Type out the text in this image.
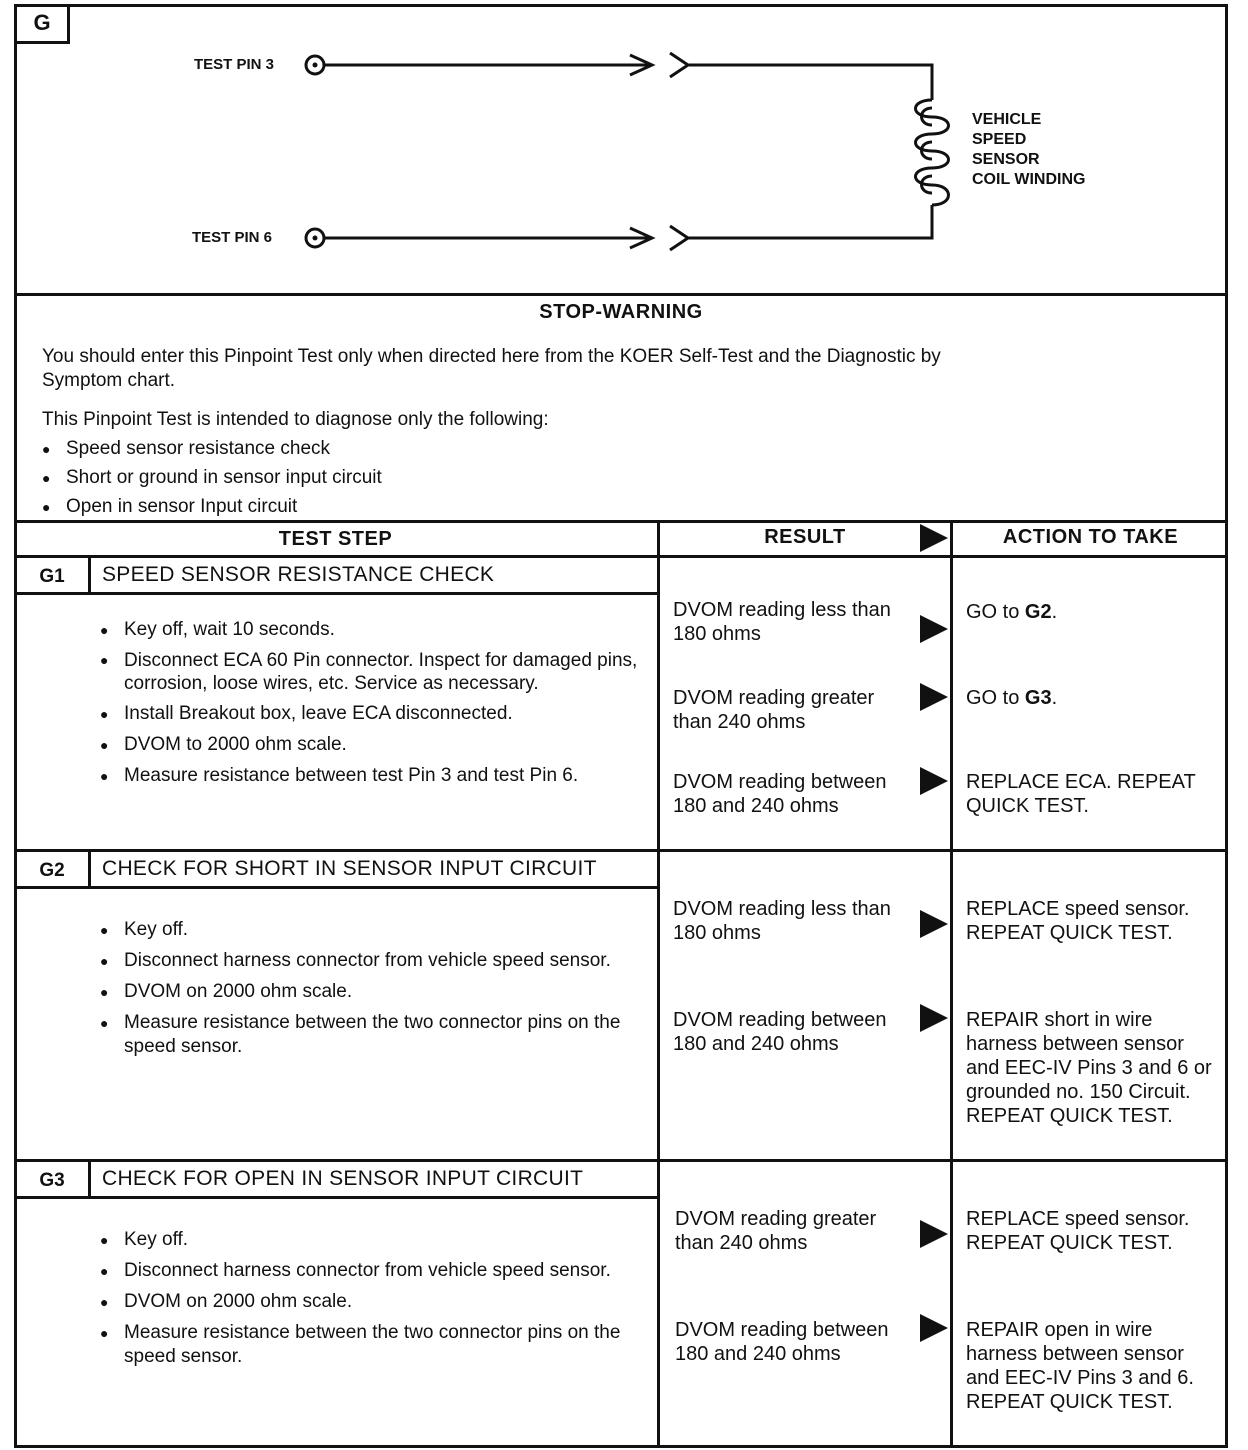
G
TEST PIN 3
TEST PIN 6
VEHICLE
SPEED
SENSOR
COIL WINDING
STOP-WARNING
You should enter this Pinpoint Test only when directed here from the KOER Self-Test and the Diagnostic by
Symptom chart.
This Pinpoint Test is intended to diagnose only the following:
● Speed sensor resistance check
● Short or ground in sensor input circuit
● Open in sensor Input circuit
TEST STEP	RESULT	ACTION TO TAKE
G1	SPEED SENSOR RESISTANCE CHECK
● Key off, wait 10 seconds.
● Disconnect ECA 60 Pin connector. Inspect for damaged pins, corrosion, loose wires, etc. Service as necessary.
● Install Breakout box, leave ECA disconnected.
● DVOM to 2000 ohm scale.
● Measure resistance between test Pin 3 and test Pin 6.
DVOM reading less than 180 ohms
GO to G2.
DVOM reading greater than 240 ohms
GO to G3.
DVOM reading between 180 and 240 ohms
REPLACE ECA. REPEAT QUICK TEST.
G2	CHECK FOR SHORT IN SENSOR INPUT CIRCUIT
● Key off.
● Disconnect harness connector from vehicle speed sensor.
● DVOM on 2000 ohm scale.
● Measure resistance between the two connector pins on the speed sensor.
DVOM reading less than 180 ohms
REPLACE speed sensor. REPEAT QUICK TEST.
DVOM reading between 180 and 240 ohms
REPAIR short in wire harness between sensor and EEC-IV Pins 3 and 6 or grounded no. 150 Circuit. REPEAT QUICK TEST.
G3	CHECK FOR OPEN IN SENSOR INPUT CIRCUIT
● Key off.
● Disconnect harness connector from vehicle speed sensor.
● DVOM on 2000 ohm scale.
● Measure resistance between the two connector pins on the speed sensor.
DVOM reading greater than 240 ohms
REPLACE speed sensor. REPEAT QUICK TEST.
DVOM reading between 180 and 240 ohms
REPAIR open in wire harness between sensor and EEC-IV Pins 3 and 6. REPEAT QUICK TEST.
